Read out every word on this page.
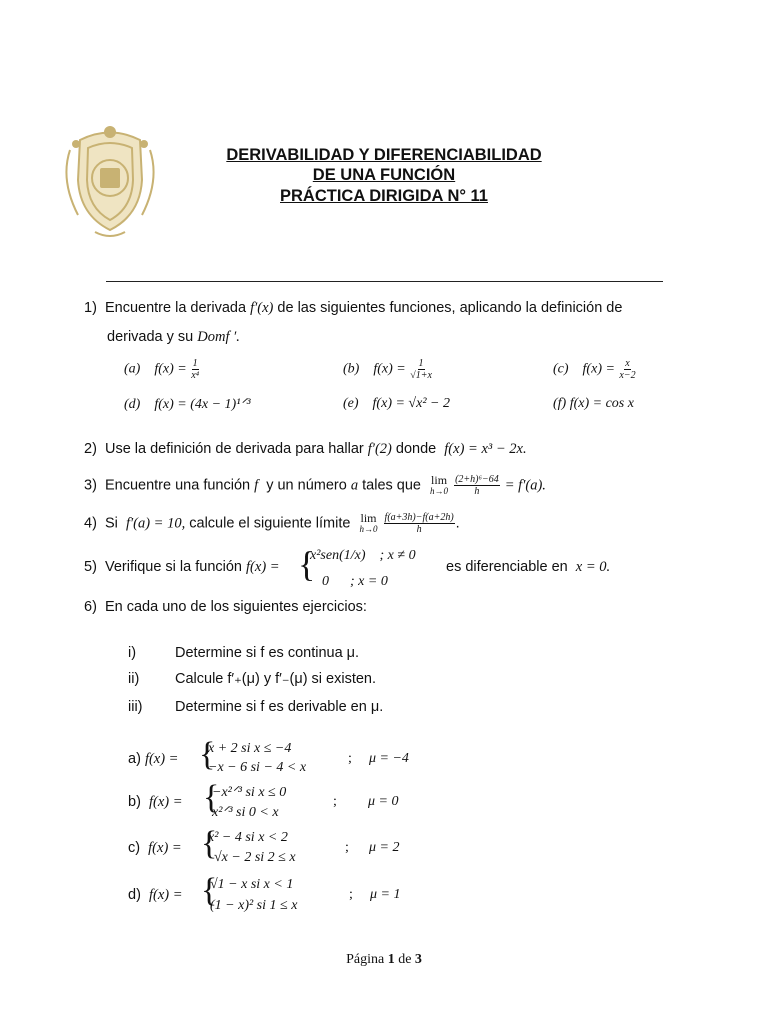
DERIVABILIDAD Y DIFERENCIABILIDAD
DE UNA FUNCIÓN
PRÁCTICA DIRIGIDA N° 11
1) Encuentre la derivada f′(x) de las siguientes funciones, aplicando la definición de
derivada y su Domf ′.
(a) $f(x) = \frac{1}{\text{x⁴}}$	(b) $f(x) = \frac{1}{√1+x}$	(c) $f(x) = \frac{x}{x-2}$
(d) f(x) = (4x − 1)¹ᐟ³	(e) f(x) = √x² − 2	(f) f(x) = cos x
2) Use la definición de derivada para hallar f′(2) donde f(x) = x³ − 2x.
3) Encuentre una función f y un número a tales que lim
h→0
$\frac{\text{(2+h)⁶−64}}{h} = f'(a)$.
4) Si f′(a) = 10, calcule el siguiente límite lim
h→0
$\frac{f(a+3h)-f(a+2h)}{h}$ .
5) Verifique si la función f(x) = {
x²sen(1/x) ; x ≠ 0
0 ; x = 0
es diferenciable en x = 0.
6) En cada uno de los siguientes ejercicios:
i)	Determine si f es continua μ.
ii) Calcule f′₊(μ) y f′₋(μ) si existen.
iii) Determine si f es derivable en μ.
a) f(x) = {
x + 2 si x ≤ −4
−x − 6 si − 4 < x
; μ = −4
b) f(x) = {
−x²ᐟ³ si x ≤ 0
x²ᐟ³ si 0 < x
; μ = 0
c) f(x) = {
x² − 4 si x < 2
√x − 2 si 2 ≤ x
; μ = 2
d) f(x) = {
√1 − x si x < 1
(1 − x)² si 1 ≤ x
; μ = 1
Página 1 de 3
